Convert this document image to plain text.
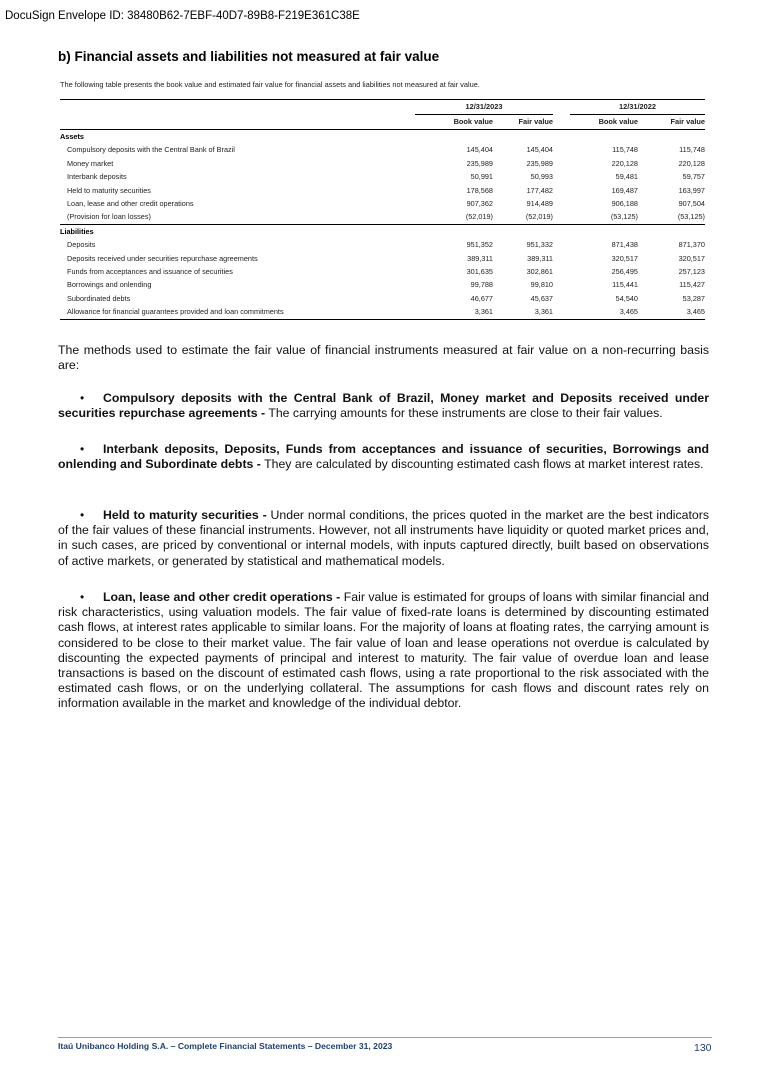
DocuSign Envelope ID: 38480B62-7EBF-40D7-89B8-F219E361C38E
b) Financial assets and liabilities not measured at fair value
The following table presents the book value and estimated fair value for financial assets and liabilities not measured at fair value.
	12/31/2023			12/31/2022	
	Book value	Fair value		Book value	Fair value
Assets					
Compulsory deposits with the Central Bank of Brazil	145,404	145,404		115,748	115,748
Money market	235,989	235,989		220,128	220,128
Interbank deposits	50,991	50,993		59,481	59,757
Held to maturity securities	178,568	177,482		169,487	163,997
Loan, lease and other credit operations	907,362	914,489		906,188	907,504
(Provision for loan losses)	(52,019)	(52,019)		(53,125)	(53,125)
Liabilities					
Deposits	951,352	951,332		871,438	871,370
Deposits received under securities repurchase agreements	389,311	389,311		320,517	320,517
Funds from acceptances and issuance of securities	301,635	302,861		256,495	257,123
Borrowings and onlending	99,788	99,810		115,441	115,427
Subordinated debts	46,677	45,637		54,540	53,287
Allowance for financial guarantees provided and loan commitments	3,361	3,361		3,465	3,465
The methods used to estimate the fair value of financial instruments measured at fair value on a non-recurring basis are:
• Compulsory deposits with the Central Bank of Brazil, Money market and Deposits received under securities repurchase agreements - The carrying amounts for these instruments are close to their fair values.
• Interbank deposits, Deposits, Funds from acceptances and issuance of securities, Borrowings and onlending and Subordinate debts - They are calculated by discounting estimated cash flows at market interest rates.
• Held to maturity securities - Under normal conditions, the prices quoted in the market are the best indicators of the fair values of these financial instruments. However, not all instruments have liquidity or quoted market prices and, in such cases, are priced by conventional or internal models, with inputs captured directly, built based on observations of active markets, or generated by statistical and mathematical models.
• Loan, lease and other credit operations - Fair value is estimated for groups of loans with similar financial and risk characteristics, using valuation models. The fair value of fixed-rate loans is determined by discounting estimated cash flows, at interest rates applicable to similar loans. For the majority of loans at floating rates, the carrying amount is considered to be close to their market value. The fair value of loan and lease operations not overdue is calculated by discounting the expected payments of principal and interest to maturity. The fair value of overdue loan and lease transactions is based on the discount of estimated cash flows, using a rate proportional to the risk associated with the estimated cash flows, or on the underlying collateral. The assumptions for cash flows and discount rates rely on information available in the market and knowledge of the individual debtor.
Itaú Unibanco Holding S.A. – Complete Financial Statements – December 31, 2023	130
